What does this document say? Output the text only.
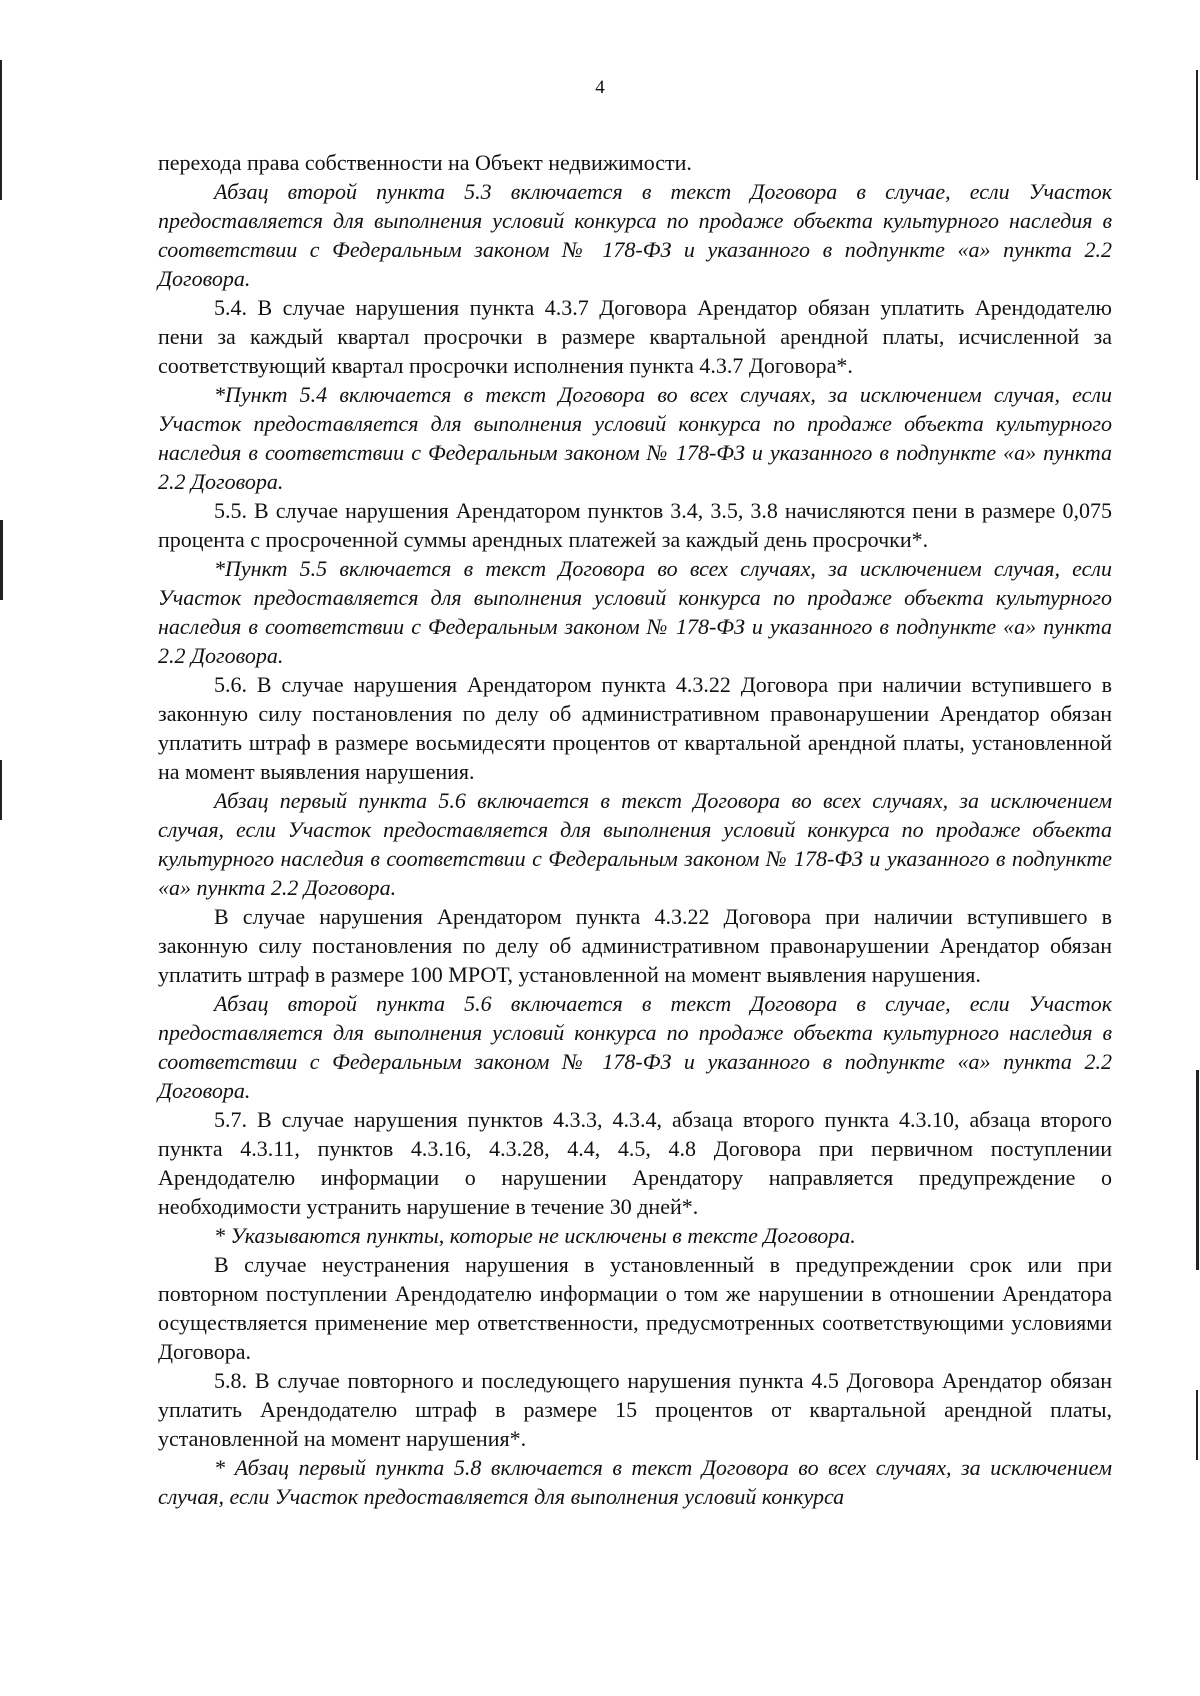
4

перехода права собственности на Объект недвижимости.

Абзац второй пункта 5.3 включается в текст Договора в случае, если Участок предоставляется для выполнения условий конкурса по продаже объекта культурного наследия в соответствии с Федеральным законом № 178-ФЗ и указанного в подпункте «а» пункта 2.2 Договора.

5.4. В случае нарушения пункта 4.3.7 Договора Арендатор обязан уплатить Арендодателю пени за каждый квартал просрочки в размере квартальной арендной платы, исчисленной за соответствующий квартал просрочки исполнения пункта 4.3.7 Договора*.

*Пункт 5.4 включается в текст Договора во всех случаях, за исключением случая, если Участок предоставляется для выполнения условий конкурса по продаже объекта культурного наследия в соответствии с Федеральным законом № 178-ФЗ и указанного в подпункте «а» пункта 2.2 Договора.

5.5. В случае нарушения Арендатором пунктов 3.4, 3.5, 3.8 начисляются пени в размере 0,075 процента с просроченной суммы арендных платежей за каждый день просрочки*.

*Пункт 5.5 включается в текст Договора во всех случаях, за исключением случая, если Участок предоставляется для выполнения условий конкурса по продаже объекта культурного наследия в соответствии с Федеральным законом № 178-ФЗ и указанного в подпункте «а» пункта 2.2 Договора.

5.6. В случае нарушения Арендатором пункта 4.3.22 Договора при наличии вступившего в законную силу постановления по делу об административном правонарушении Арендатор обязан уплатить штраф в размере восьмидесяти процентов от квартальной арендной платы, установленной на момент выявления нарушения.

Абзац первый пункта 5.6 включается в текст Договора во всех случаях, за исключением случая, если Участок предоставляется для выполнения условий конкурса по продаже объекта культурного наследия в соответствии с Федеральным законом № 178-ФЗ и указанного в подпункте «а» пункта 2.2 Договора.

В случае нарушения Арендатором пункта 4.3.22 Договора при наличии вступившего в законную силу постановления по делу об административном правонарушении Арендатор обязан уплатить штраф в размере 100 МРОТ, установленной на момент выявления нарушения.

Абзац второй пункта 5.6 включается в текст Договора в случае, если Участок предоставляется для выполнения условий конкурса по продаже объекта культурного наследия в соответствии с Федеральным законом № 178-ФЗ и указанного в подпункте «а» пункта 2.2 Договора.

5.7. В случае нарушения пунктов 4.3.3, 4.3.4, абзаца второго пункта 4.3.10, абзаца второго пункта 4.3.11, пунктов 4.3.16, 4.3.28, 4.4, 4.5, 4.8 Договора при первичном поступлении Арендодателю информации о нарушении Арендатору направляется предупреждение о необходимости устранить нарушение в течение 30 дней*.

* Указываются пункты, которые не исключены в тексте Договора.

В случае неустранения нарушения в установленный в предупреждении срок или при повторном поступлении Арендодателю информации о том же нарушении в отношении Арендатора осуществляется применение мер ответственности, предусмотренных соответствующими условиями Договора.

5.8. В случае повторного и последующего нарушения пункта 4.5 Договора Арендатор обязан уплатить Арендодателю штраф в размере 15 процентов от квартальной арендной платы, установленной на момент нарушения*.

* Абзац первый пункта 5.8 включается в текст Договора во всех случаях, за исключением случая, если Участок предоставляется для выполнения условий конкурса
